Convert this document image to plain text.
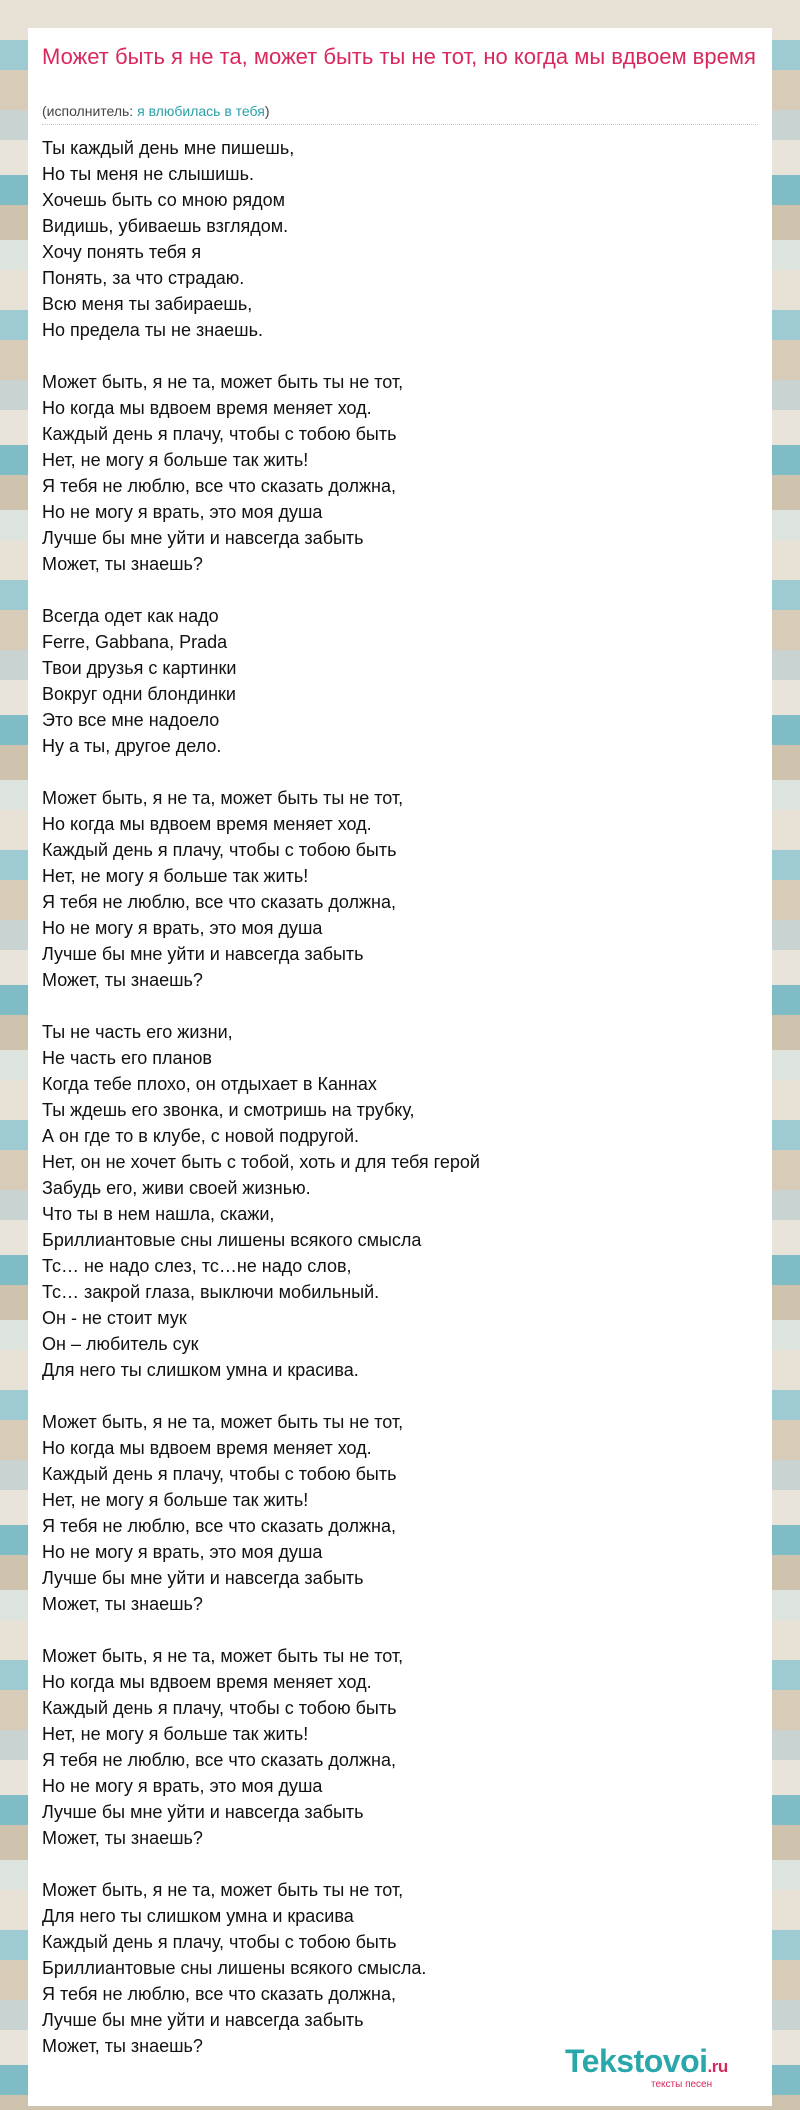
Может быть я не та, может быть ты не тот, но когда мы вдвоем время
(исполнитель: я влюбилась в тебя)
Ты каждый день мне пишешь,
Но ты меня не слышишь.
Хочешь быть со мною рядом
Видишь, убиваешь взглядом.
Хочу понять тебя я
Понять, за что страдаю.
Всю меня ты забираешь,
Но предела ты не знаешь.
Может быть, я не та, может быть ты не тот,
Но когда мы вдвоем время меняет ход.
Каждый день я плачу, чтобы с тобою быть
Нет, не могу я больше так жить!
Я тебя не люблю, все что сказать должна,
Но не могу я врать, это моя душа
Лучше бы мне уйти и навсегда забыть
Может, ты знаешь?
Всегда одет как надо
Ferre, Gabbana, Prada
Твои друзья с картинки
Вокруг одни блондинки
Это все мне надоело
Ну а ты, другое дело.
Может быть, я не та, может быть ты не тот,
Но когда мы вдвоем время меняет ход.
Каждый день я плачу, чтобы с тобою быть
Нет, не могу я больше так жить!
Я тебя не люблю, все что сказать должна,
Но не могу я врать, это моя душа
Лучше бы мне уйти и навсегда забыть
Может, ты знаешь?
Ты не часть его жизни,
Не часть его планов
Когда тебе плохо, он отдыхает в Каннах
Ты ждешь его звонка, и смотришь на трубку,
А он где то в клубе, с новой подругой.
Нет, он не хочет быть с тобой, хоть и для тебя герой
Забудь его, живи своей жизнью.
Что ты в нем нашла, скажи,
Бриллиантовые сны лишены всякого смысла
Тс… не надо слез, тс…не надо слов,
Тс… закрой глаза, выключи мобильный.
Он - не стоит мук
Он – любитель сук
Для него ты слишком умна и красива.
Может быть, я не та, может быть ты не тот,
Но когда мы вдвоем время меняет ход.
Каждый день я плачу, чтобы с тобою быть
Нет, не могу я больше так жить!
Я тебя не люблю, все что сказать должна,
Но не могу я врать, это моя душа
Лучше бы мне уйти и навсегда забыть
Может, ты знаешь?
Может быть, я не та, может быть ты не тот,
Но когда мы вдвоем время меняет ход.
Каждый день я плачу, чтобы с тобою быть
Нет, не могу я больше так жить!
Я тебя не люблю, все что сказать должна,
Но не могу я врать, это моя душа
Лучше бы мне уйти и навсегда забыть
Может, ты знаешь?
Может быть, я не та, может быть ты не тот,
Для него ты слишком умна и красива
Каждый день я плачу, чтобы с тобою быть
Бриллиантовые сны лишены всякого смысла.
Я тебя не люблю, все что сказать должна,
Лучше бы мне уйти и навсегда забыть
Может, ты знаешь?	Tekstovoi.ru
тексты песен
